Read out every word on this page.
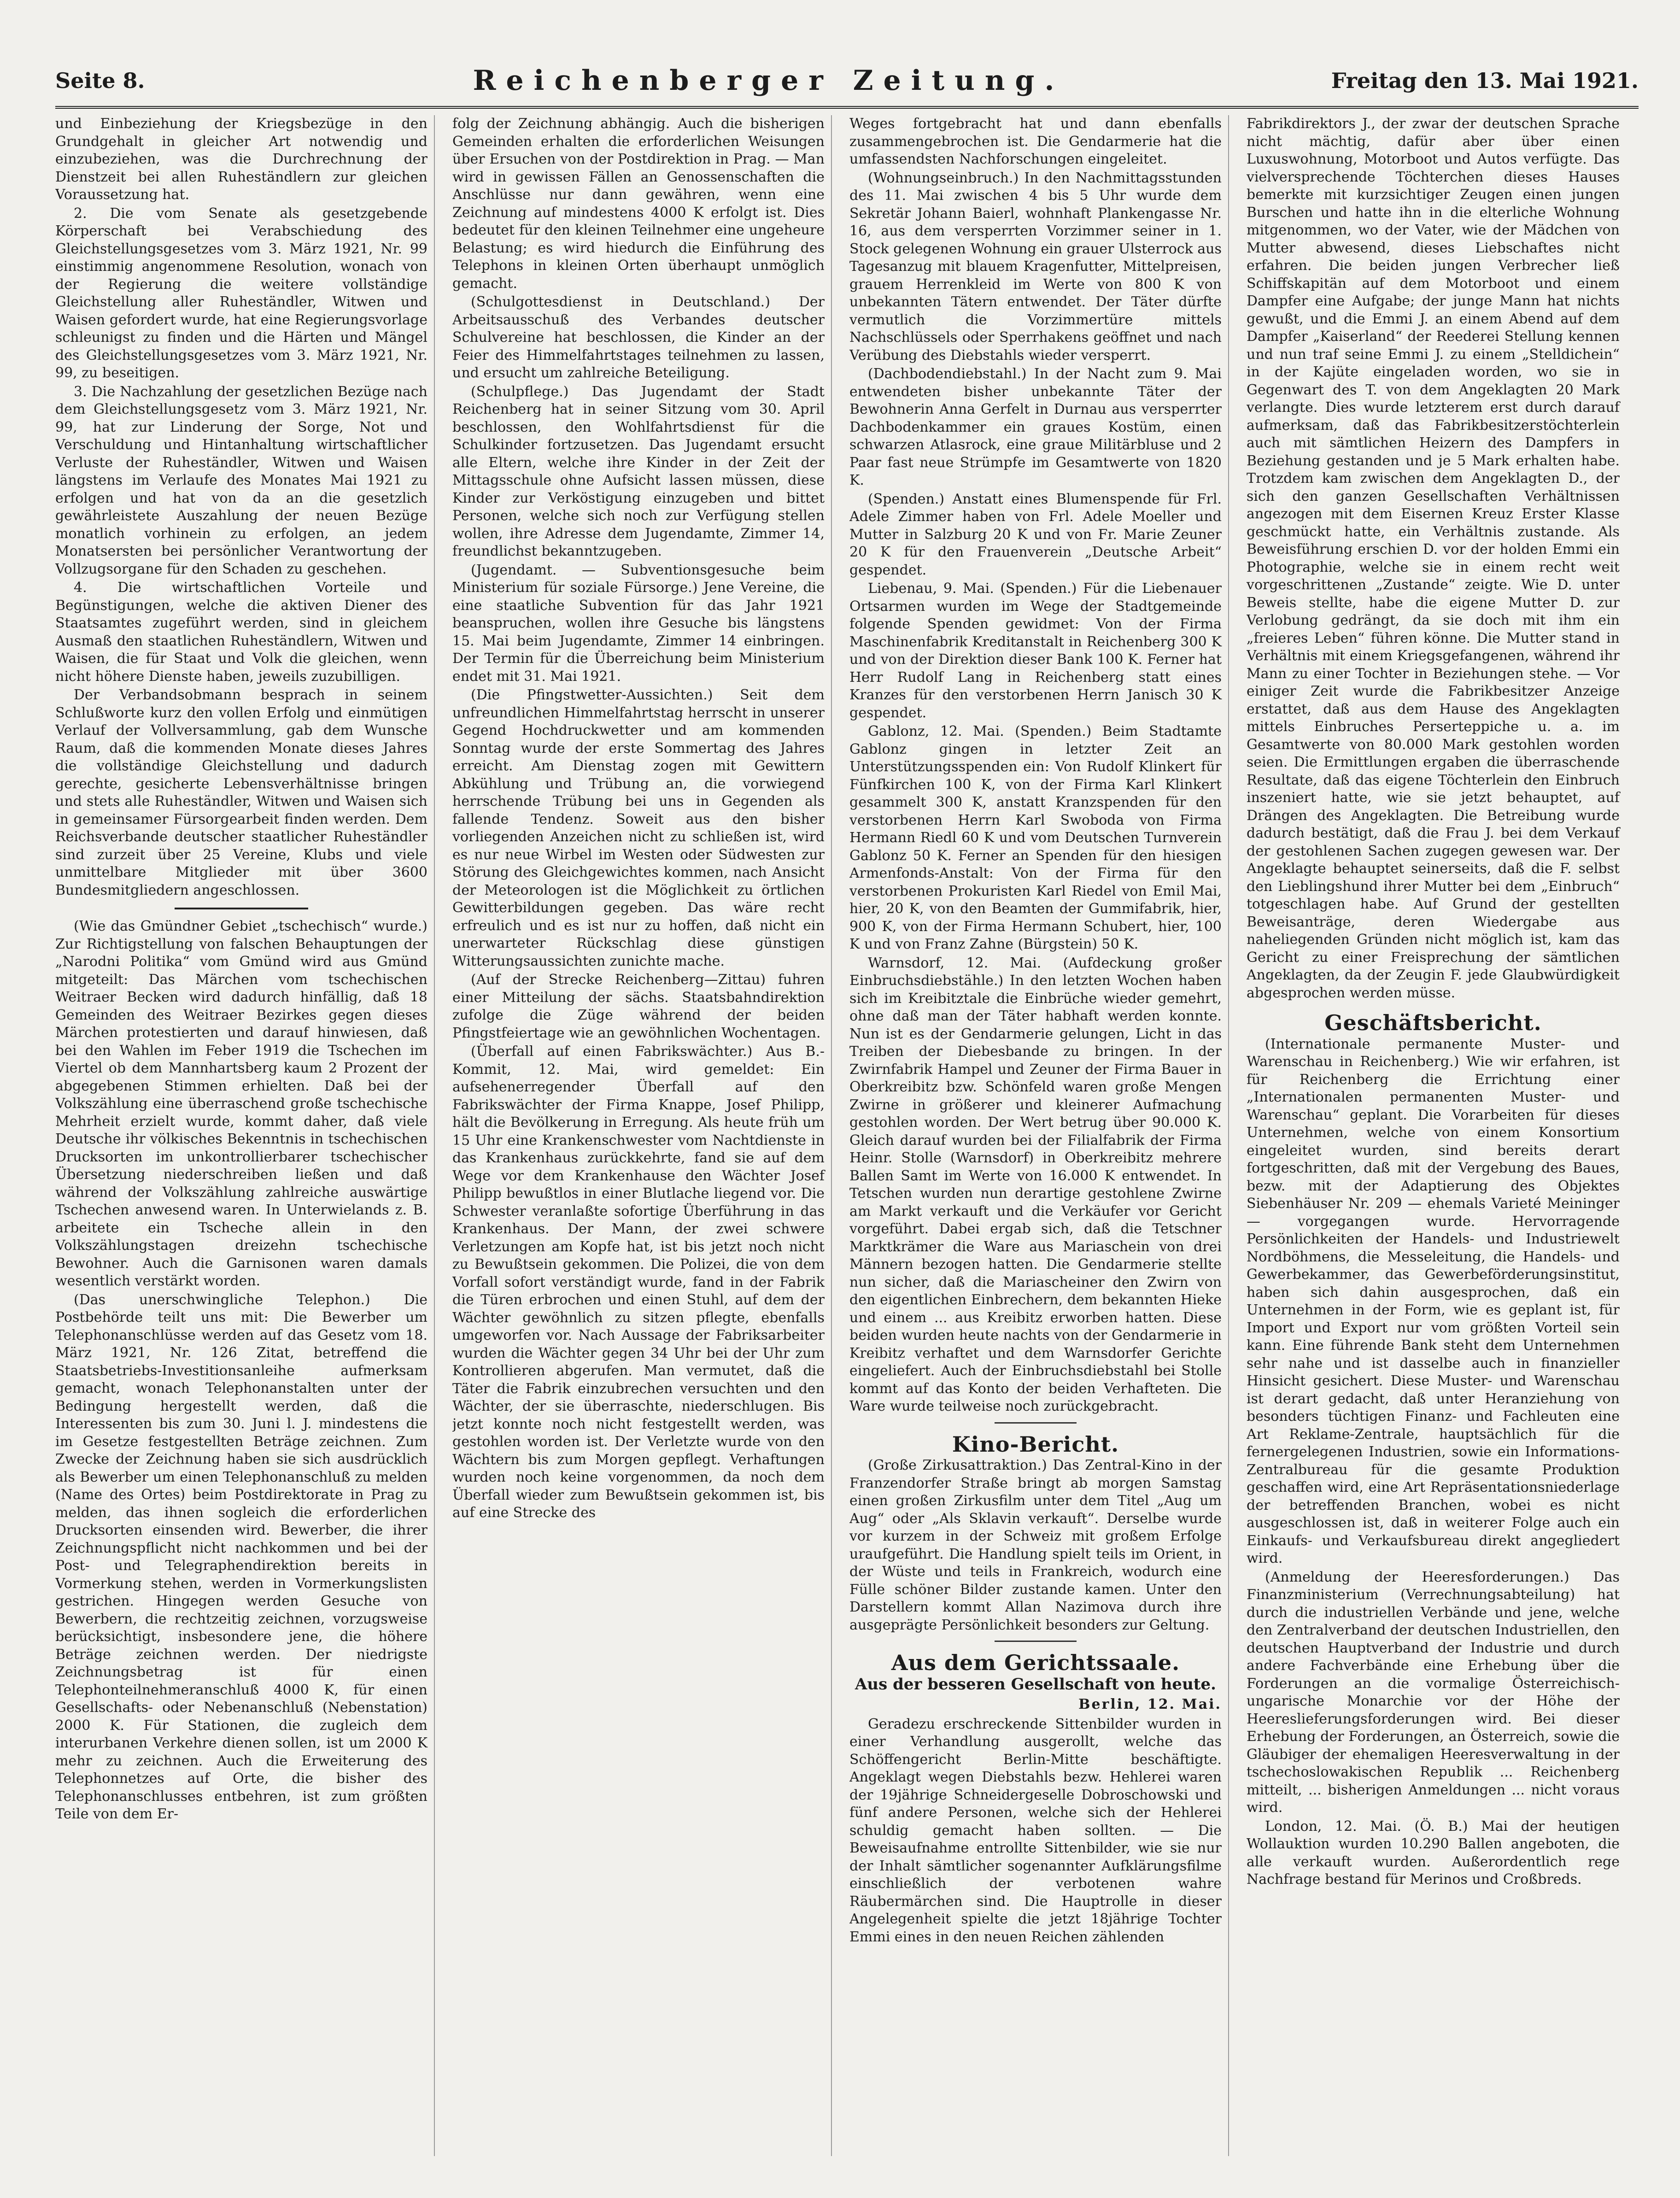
Seite 8.	Reichenberger Zeitung.	Freitag den 13. Mai 1921.

und Einbeziehung der Kriegsbezüge in den Grundgehalt in gleicher Art notwendig und einzubeziehen, was die Durchrechnung der Dienstzeit bei allen Ruheständlern zur gleichen Voraussetzung hat.

2. Die vom Senate als gesetzgebende Körperschaft bei Verabschiedung des Gleichstellungsgesetzes vom 3. März 1921, Nr. 99 einstimmig angenommene Resolution, wonach von der Regierung die weitere vollständige Gleichstellung aller Ruheständler, Witwen und Waisen gefordert wurde, hat eine Regierungsvorlage schleunigst zu finden und die Härten und Mängel des Gleichstellungsgesetzes vom 3. März 1921, Nr. 99, zu beseitigen.

3. Die Nachzahlung der gesetzlichen Bezüge nach dem Gleichstellungsgesetz vom 3. März 1921, Nr. 99, hat zur Linderung der Sorge, Not und Verschuldung und Hintanhaltung wirtschaftlicher Verluste der Ruheständler, Witwen und Waisen längstens im Verlaufe des Monates Mai 1921 zu erfolgen und hat von da an die gesetzlich gewährleistete Auszahlung der neuen Bezüge monatlich vorhinein zu erfolgen, an jedem Monatsersten bei persönlicher Verantwortung der Vollzugsorgane für den Schaden zu geschehen.

4. Die wirtschaftlichen Vorteile und Begünstigungen, welche die aktiven Diener des Staatsamtes zugeführt werden, sind in gleichem Ausmaß den staatlichen Ruheständlern, Witwen und Waisen, die für Staat und Volk die gleichen, wenn nicht höhere Dienste haben, jeweils zuzubilligen.

Der Verbandsobmann besprach in seinem Schlußworte kurz den vollen Erfolg und einmütigen Verlauf der Vollversammlung, gab dem Wunsche Raum, daß die kommenden Monate dieses Jahres die vollständige Gleichstellung und dadurch gerechte, gesicherte Lebensverhältnisse bringen und stets alle Ruheständler, Witwen und Waisen sich in gemeinsamer Fürsorgearbeit finden werden. Dem Reichsverbande deutscher staatlicher Ruheständler sind zurzeit über 25 Vereine, Klubs und viele unmittelbare Mitglieder mit über 3600 Bundesmitgliedern angeschlossen.

(Wie das Gmündner Gebiet „tschechisch“ wurde.) Zur Richtigstellung von falschen Behauptungen der „Narodni Politika“ vom Gmünd wird aus Gmünd mitgeteilt: Das Märchen vom tschechischen Weitraer Becken wird dadurch hinfällig, daß 18 Gemeinden des Weitraer Bezirkes gegen dieses Märchen protestierten und darauf hinwiesen, daß bei den Wahlen im Feber 1919 die Tschechen im Viertel ob dem Mannhartsberg kaum 2 Prozent der abgegebenen Stimmen erhielten. Daß bei der Volkszählung eine überraschend große tschechische Mehrheit erzielt wurde, kommt daher, daß viele Deutsche ihr völkisches Bekenntnis in tschechischen Drucksorten im unkontrollierbarer tschechischer Übersetzung niederschreiben ließen und daß während der Volkszählung zahlreiche auswärtige Tschechen anwesend waren. In Unterwielands z. B. arbeitete ein Tscheche allein in den Volkszählungstagen dreizehn tschechische Bewohner. Auch die Garnisonen waren damals wesentlich verstärkt worden.

(Das unerschwingliche Telephon.) Die Postbehörde teilt uns mit: Die Bewerber um Telephonanschlüsse werden auf das Gesetz vom 18. März 1921, Nr. 126 Zitat, betreffend die Staatsbetriebs-Investitionsanleihe aufmerksam gemacht, wonach Telephonanstalten unter der Bedingung hergestellt werden, daß die Interessenten bis zum 30. Juni l. J. mindestens die im Gesetze festgestellten Beträge zeichnen. Zum Zwecke der Zeichnung haben sie sich ausdrücklich als Bewerber um einen Telephonanschluß zu melden (Name des Ortes) beim Postdirektorate in Prag zu melden, das ihnen sogleich die erforderlichen Drucksorten einsenden wird. Bewerber, die ihrer Zeichnungspflicht nicht nachkommen und bei der Post- und Telegraphendirektion bereits in Vormerkung stehen, werden in Vormerkungslisten gestrichen. Hingegen werden Gesuche von Bewerbern, die rechtzeitig zeichnen, vorzugsweise berücksichtigt, insbesondere jene, die höhere Beträge zeichnen werden. Der niedrigste Zeichnungsbetrag ist für einen Telephonteilnehmeranschluß 4000 K, für einen Gesellschafts- oder Nebenanschluß (Nebenstation) 2000 K. Für Stationen, die zugleich dem interurbanen Verkehre dienen sollen, ist um 2000 K mehr zu zeichnen. Auch die Erweiterung des Telephonnetzes auf Orte, die bisher des Telephonanschlusses entbehren, ist zum größten Teile von dem Er-

folg der Zeichnung abhängig. Auch die bisherigen Gemeinden erhalten die erforderlichen Weisungen über Ersuchen von der Postdirektion in Prag. — Man wird in gewissen Fällen an Genossenschaften die Anschlüsse nur dann gewähren, wenn eine Zeichnung auf mindestens 4000 K erfolgt ist. Dies bedeutet für den kleinen Teilnehmer eine ungeheure Belastung; es wird hiedurch die Einführung des Telephons in kleinen Orten überhaupt unmöglich gemacht.

(Schulgottesdienst in Deutschland.) Der Arbeitsausschuß des Verbandes deutscher Schulvereine hat beschlossen, die Kinder an der Feier des Himmelfahrtstages teilnehmen zu lassen, und ersucht um zahlreiche Beteiligung.

(Schulpflege.) Das Jugendamt der Stadt Reichenberg hat in seiner Sitzung vom 30. April beschlossen, den Wohlfahrtsdienst für die Schulkinder fortzusetzen. Das Jugendamt ersucht alle Eltern, welche ihre Kinder in der Zeit der Mittagsschule ohne Aufsicht lassen müssen, diese Kinder zur Verköstigung einzugeben und bittet Personen, welche sich noch zur Verfügung stellen wollen, ihre Adresse dem Jugendamte, Zimmer 14, freundlichst bekanntzugeben.

(Jugendamt. — Subventionsgesuche beim Ministerium für soziale Fürsorge.) Jene Vereine, die eine staatliche Subvention für das Jahr 1921 beanspruchen, wollen ihre Gesuche bis längstens 15. Mai beim Jugendamte, Zimmer 14 einbringen. Der Termin für die Überreichung beim Ministerium endet mit 31. Mai 1921.

(Die Pfingstwetter-Aussichten.) Seit dem unfreundlichen Himmelfahrtstag herrscht in unserer Gegend Hochdruckwetter und am kommenden Sonntag wurde der erste Sommertag des Jahres erreicht. Am Dienstag zogen mit Gewittern Abkühlung und Trübung an, die vorwiegend herrschende Trübung bei uns in Gegenden als fallende Tendenz. Soweit aus den bisher vorliegenden Anzeichen nicht zu schließen ist, wird es nur neue Wirbel im Westen oder Südwesten zur Störung des Gleichgewichtes kommen, nach Ansicht der Meteorologen ist die Möglichkeit zu örtlichen Gewitterbildungen gegeben. Das wäre recht erfreulich und es ist nur zu hoffen, daß nicht ein unerwarteter Rückschlag diese günstigen Witterungsaussichten zunichte mache.

(Auf der Strecke Reichenberg—Zittau) fuhren einer Mitteilung der sächs. Staatsbahndirektion zufolge die Züge während der beiden Pfingstfeiertage wie an gewöhnlichen Wochentagen.

(Überfall auf einen Fabrikswächter.) Aus B.-Kommit, 12. Mai, wird gemeldet: Ein aufsehenerregender Überfall auf den Fabrikswächter der Firma Knappe, Josef Philipp, hält die Bevölkerung in Erregung. Als heute früh um 15 Uhr eine Krankenschwester vom Nachtdienste in das Krankenhaus zurückkehrte, fand sie auf dem Wege vor dem Krankenhause den Wächter Josef Philipp bewußtlos in einer Blutlache liegend vor. Die Schwester veranlaßte sofortige Überführung in das Krankenhaus. Der Mann, der zwei schwere Verletzungen am Kopfe hat, ist bis jetzt noch nicht zu Bewußtsein gekommen. Die Polizei, die von dem Vorfall sofort verständigt wurde, fand in der Fabrik die Türen erbrochen und einen Stuhl, auf dem der Wächter gewöhnlich zu sitzen pflegte, ebenfalls umgeworfen vor. Nach Aussage der Fabriksarbeiter wurden die Wächter gegen 34 Uhr bei der Uhr zum Kontrollieren abgerufen. Man vermutet, daß die Täter die Fabrik einzubrechen versuchten und den Wächter, der sie überraschte, niederschlugen. Bis jetzt konnte noch nicht festgestellt werden, was gestohlen worden ist. Der Verletzte wurde von den Wächtern bis zum Morgen gepflegt. Verhaftungen wurden noch keine vorgenommen, da noch dem Überfall wieder zum Bewußtsein gekommen ist, bis auf eine Strecke des

Weges fortgebracht hat und dann ebenfalls zusammengebrochen ist. Die Gendarmerie hat die umfassendsten Nachforschungen eingeleitet.

(Wohnungseinbruch.) In den Nachmittagsstunden des 11. Mai zwischen 4 bis 5 Uhr wurde dem Sekretär Johann Baierl, wohnhaft Plankengasse Nr. 16, aus dem versperrten Vorzimmer seiner in 1. Stock gelegenen Wohnung ein grauer Ulsterrock aus Tagesanzug mit blauem Kragenfutter, Mittelpreisen, grauem Herrenkleid im Werte von 800 K von unbekannten Tätern entwendet. Der Täter dürfte vermutlich die Vorzimmertüre mittels Nachschlüssels oder Sperrhakens geöffnet und nach Verübung des Diebstahls wieder versperrt.

(Dachbodendiebstahl.) In der Nacht zum 9. Mai entwendeten bisher unbekannte Täter der Bewohnerin Anna Gerfelt in Durnau aus versperrter Dachbodenkammer ein graues Kostüm, einen schwarzen Atlasrock, eine graue Militärbluse und 2 Paar fast neue Strümpfe im Gesamtwerte von 1820 K.

(Spenden.) Anstatt eines Blumenspende für Frl. Adele Zimmer haben von Frl. Adele Moeller und Mutter in Salzburg 20 K und von Fr. Marie Zeuner 20 K für den Frauenverein „Deutsche Arbeit“ gespendet.

Liebenau, 9. Mai. (Spenden.) Für die Liebenauer Ortsarmen wurden im Wege der Stadtgemeinde folgende Spenden gewidmet: Von der Firma Maschinenfabrik Kreditanstalt in Reichenberg 300 K und von der Direktion dieser Bank 100 K. Ferner hat Herr Rudolf Lang in Reichenberg statt eines Kranzes für den verstorbenen Herrn Janisch 30 K gespendet.

Gablonz, 12. Mai. (Spenden.) Beim Stadtamte Gablonz gingen in letzter Zeit an Unterstützungsspenden ein: Von Rudolf Klinkert für Fünfkirchen 100 K, von der Firma Karl Klinkert gesammelt 300 K, anstatt Kranzspenden für den verstorbenen Herrn Karl Swoboda von Firma Hermann Riedl 60 K und vom Deutschen Turnverein Gablonz 50 K. Ferner an Spenden für den hiesigen Armenfonds-Anstalt: Von der Firma für den verstorbenen Prokuristen Karl Riedel von Emil Mai, hier, 20 K, von den Beamten der Gummifabrik, hier, 900 K, von der Firma Hermann Schubert, hier, 100 K und von Franz Zahne (Bürgstein) 50 K.

Warnsdorf, 12. Mai. (Aufdeckung großer Einbruchsdiebstähle.) In den letzten Wochen haben sich im Kreibitztale die Einbrüche wieder gemehrt, ohne daß man der Täter habhaft werden konnte. Nun ist es der Gendarmerie gelungen, Licht in das Treiben der Diebesbande zu bringen. In der Zwirnfabrik Hampel und Zeuner der Firma Bauer in Oberkreibitz bzw. Schönfeld waren große Mengen Zwirne in größerer und kleinerer Aufmachung gestohlen worden. Der Wert betrug über 90.000 K. Gleich darauf wurden bei der Filialfabrik der Firma Heinr. Stolle (Warnsdorf) in Oberkreibitz mehrere Ballen Samt im Werte von 16.000 K entwendet. In Tetschen wurden nun derartige gestohlene Zwirne am Markt verkauft und die Verkäufer vor Gericht vorgeführt. Dabei ergab sich, daß die Tetschner Marktkrämer die Ware aus Mariaschein von drei Männern bezogen hatten. Die Gendarmerie stellte nun sicher, daß die Mariascheiner den Zwirn von den eigentlichen Einbrechern, dem bekannten Hieke und einem ... aus Kreibitz erworben hatten. Diese beiden wurden heute nachts von der Gendarmerie in Kreibitz verhaftet und dem Warnsdorfer Gerichte eingeliefert. Auch der Einbruchsdiebstahl bei Stolle kommt auf das Konto der beiden Verhafteten. Die Ware wurde teilweise noch zurückgebracht.

Kino-Bericht.

(Große Zirkusattraktion.) Das Zentral-Kino in der Franzendorfer Straße bringt ab morgen Samstag einen großen Zirkusfilm unter dem Titel „Aug um Aug“ oder „Als Sklavin verkauft“. Derselbe wurde vor kurzem in der Schweiz mit großem Erfolge uraufgeführt. Die Handlung spielt teils im Orient, in der Wüste und teils in Frankreich, wodurch eine Fülle schöner Bilder zustande kamen. Unter den Darstellern kommt Allan Nazimova durch ihre ausgeprägte Persönlichkeit besonders zur Geltung.

Aus dem Gerichtssaale.
Aus der besseren Gesellschaft von heute.
Berlin, 12. Mai.

Geradezu erschreckende Sittenbilder wurden in einer Verhandlung ausgerollt, welche das Schöffengericht Berlin-Mitte beschäftigte. Angeklagt wegen Diebstahls bezw. Hehlerei waren der 19jährige Schneidergeselle Dobroschowski und fünf andere Personen, welche sich der Hehlerei schuldig gemacht haben sollten. — Die Beweisaufnahme entrollte Sittenbilder, wie sie nur der Inhalt sämtlicher sogenannter Aufklärungsfilme einschließlich der verbotenen wahre Räubermärchen sind. Die Hauptrolle in dieser Angelegenheit spielte die jetzt 18jährige Tochter Emmi eines in den neuen Reichen zählenden

Fabrikdirektors J., der zwar der deutschen Sprache nicht mächtig, dafür aber über einen Luxuswohnung, Motorboot und Autos verfügte. Das vielversprechende Töchterchen dieses Hauses bemerkte mit kurzsichtiger Zeugen einen jungen Burschen und hatte ihn in die elterliche Wohnung mitgenommen, wo der Vater, wie der Mädchen von Mutter abwesend, dieses Liebschaftes nicht erfahren. Die beiden jungen Verbrecher ließ Schiffskapitän auf dem Motorboot und einem Dampfer eine Aufgabe; der junge Mann hat nichts gewußt, und die Emmi J. an einem Abend auf dem Dampfer „Kaiserland“ der Reederei Stellung kennen und nun traf seine Emmi J. zu einem „Stelldichein“ in der Kajüte eingeladen worden, wo sie in Gegenwart des T. von dem Angeklagten 20 Mark verlangte. Dies wurde letzterem erst durch darauf aufmerksam, daß das Fabrikbesitzerstöchterlein auch mit sämtlichen Heizern des Dampfers in Beziehung gestanden und je 5 Mark erhalten habe. Trotzdem kam zwischen dem Angeklagten D., der sich den ganzen Gesellschaften Verhältnissen angezogen mit dem Eisernen Kreuz Erster Klasse geschmückt hatte, ein Verhältnis zustande. Als Beweisführung erschien D. vor der holden Emmi ein Photographie, welche sie in einem recht weit vorgeschrittenen „Zustande“ zeigte. Wie D. unter Beweis stellte, habe die eigene Mutter D. zur Verlobung gedrängt, da sie doch mit ihm ein „freieres Leben“ führen könne. Die Mutter stand in Verhältnis mit einem Kriegsgefangenen, während ihr Mann zu einer Tochter in Beziehungen stehe. — Vor einiger Zeit wurde die Fabrikbesitzer Anzeige erstattet, daß aus dem Hause des Angeklagten mittels Einbruches Perserteppiche u. a. im Gesamtwerte von 80.000 Mark gestohlen worden seien. Die Ermittlungen ergaben die überraschende Resultate, daß das eigene Töchterlein den Einbruch inszeniert hatte, wie sie jetzt behauptet, auf Drängen des Angeklagten. Die Betreibung wurde dadurch bestätigt, daß die Frau J. bei dem Verkauf der gestohlenen Sachen zugegen gewesen war. Der Angeklagte behauptet seinerseits, daß die F. selbst den Lieblingshund ihrer Mutter bei dem „Einbruch“ totgeschlagen habe. Auf Grund der gestellten Beweisanträge, deren Wiedergabe aus naheliegenden Gründen nicht möglich ist, kam das Gericht zu einer Freisprechung der sämtlichen Angeklagten, da der Zeugin F. jede Glaubwürdigkeit abgesprochen werden müsse.

Geschäftsbericht.

(Internationale permanente Muster- und Warenschau in Reichenberg.) Wie wir erfahren, ist für Reichenberg die Errichtung einer „Internationalen permanenten Muster- und Warenschau“ geplant. Die Vorarbeiten für dieses Unternehmen, welche von einem Konsortium eingeleitet wurden, sind bereits derart fortgeschritten, daß mit der Vergebung des Baues, bezw. mit der Adaptierung des Objektes Siebenhäuser Nr. 209 — ehemals Varieté Meininger — vorgegangen wurde. Hervorragende Persönlichkeiten der Handels- und Industriewelt Nordböhmens, die Messeleitung, die Handels- und Gewerbekammer, das Gewerbeförderungsinstitut, haben sich dahin ausgesprochen, daß ein Unternehmen in der Form, wie es geplant ist, für Import und Export nur vom größten Vorteil sein kann. Eine führende Bank steht dem Unternehmen sehr nahe und ist dasselbe auch in finanzieller Hinsicht gesichert. Diese Muster- und Warenschau ist derart gedacht, daß unter Heranziehung von besonders tüchtigen Finanz- und Fachleuten eine Art Reklame-Zentrale, hauptsächlich für die fernergelegenen Industrien, sowie ein Informations-Zentralbureau für die gesamte Produktion geschaffen wird, eine Art Repräsentationsniederlage der betreffenden Branchen, wobei es nicht ausgeschlossen ist, daß in weiterer Folge auch ein Einkaufs- und Verkaufsbureau direkt angegliedert wird.

(Anmeldung der Heeresforderungen.) Das Finanzministerium (Verrechnungsabteilung) hat durch die industriellen Verbände und jene, welche den Zentralverband der deutschen Industriellen, den deutschen Hauptverband der Industrie und durch andere Fachverbände eine Erhebung über die Forderungen an die vormalige Österreichisch-ungarische Monarchie vor der Höhe der Heereslieferungsforderungen wird. Bei dieser Erhebung der Forderungen, an Österreich, sowie die Gläubiger der ehemaligen Heeresverwaltung in der tschechoslowakischen Republik ... Reichenberg mitteilt, ... bisherigen Anmeldungen ... nicht voraus wird.

London, 12. Mai. (Ö. B.) Mai der heutigen Wollauktion wurden 10.290 Ballen angeboten, die alle verkauft wurden. Außerordentlich rege Nachfrage bestand für Merinos und Croßbreds.
